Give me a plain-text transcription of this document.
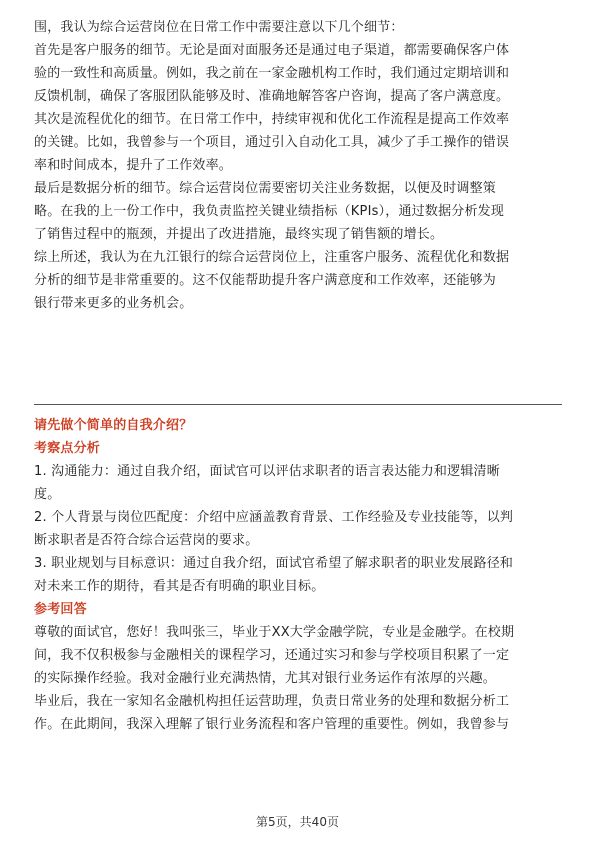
围，我认为综合运营岗位在日常工作中需要注意以下几个细节：

首先是客户服务的细节。无论是面对面服务还是通过电子渠道，都需要确保客户体

验的一致性和高质量。例如，我之前在一家金融机构工作时，我们通过定期培训和

反馈机制，确保了客服团队能够及时、准确地解答客户咨询，提高了客户满意度。

其次是流程优化的细节。在日常工作中，持续审视和优化工作流程是提高工作效率

的关键。比如，我曾参与一个项目，通过引入自动化工具，减少了手工操作的错误

率和时间成本，提升了工作效率。

最后是数据分析的细节。综合运营岗位需要密切关注业务数据，以便及时调整策

略。在我的上一份工作中，我负责监控关键业绩指标（KPIs），通过数据分析发现

了销售过程中的瓶颈，并提出了改进措施，最终实现了销售额的增长。

综上所述，我认为在九江银行的综合运营岗位上，注重客户服务、流程优化和数据

分析的细节是非常重要的。这不仅能帮助提升客户满意度和工作效率，还能够为

银行带来更多的业务机会。

请先做个简单的自我介绍？

考察点分析

1. 沟通能力：通过自我介绍，面试官可以评估求职者的语言表达能力和逻辑清晰

度。

2. 个人背景与岗位匹配度：介绍中应涵盖教育背景、工作经验及专业技能等，以判

断求职者是否符合综合运营岗的要求。

3. 职业规划与目标意识：通过自我介绍，面试官希望了解求职者的职业发展路径和

对未来工作的期待，看其是否有明确的职业目标。

参考回答

尊敬的面试官，您好！我叫张三，毕业于XX大学金融学院，专业是金融学。在校期

间，我不仅积极参与金融相关的课程学习，还通过实习和参与学校项目积累了一定

的实际操作经验。我对金融行业充满热情，尤其对银行业务运作有浓厚的兴趣。

毕业后，我在一家知名金融机构担任运营助理，负责日常业务的处理和数据分析工

作。在此期间，我深入理解了银行业务流程和客户管理的重要性。例如，我曾参与

第5页，共40页
